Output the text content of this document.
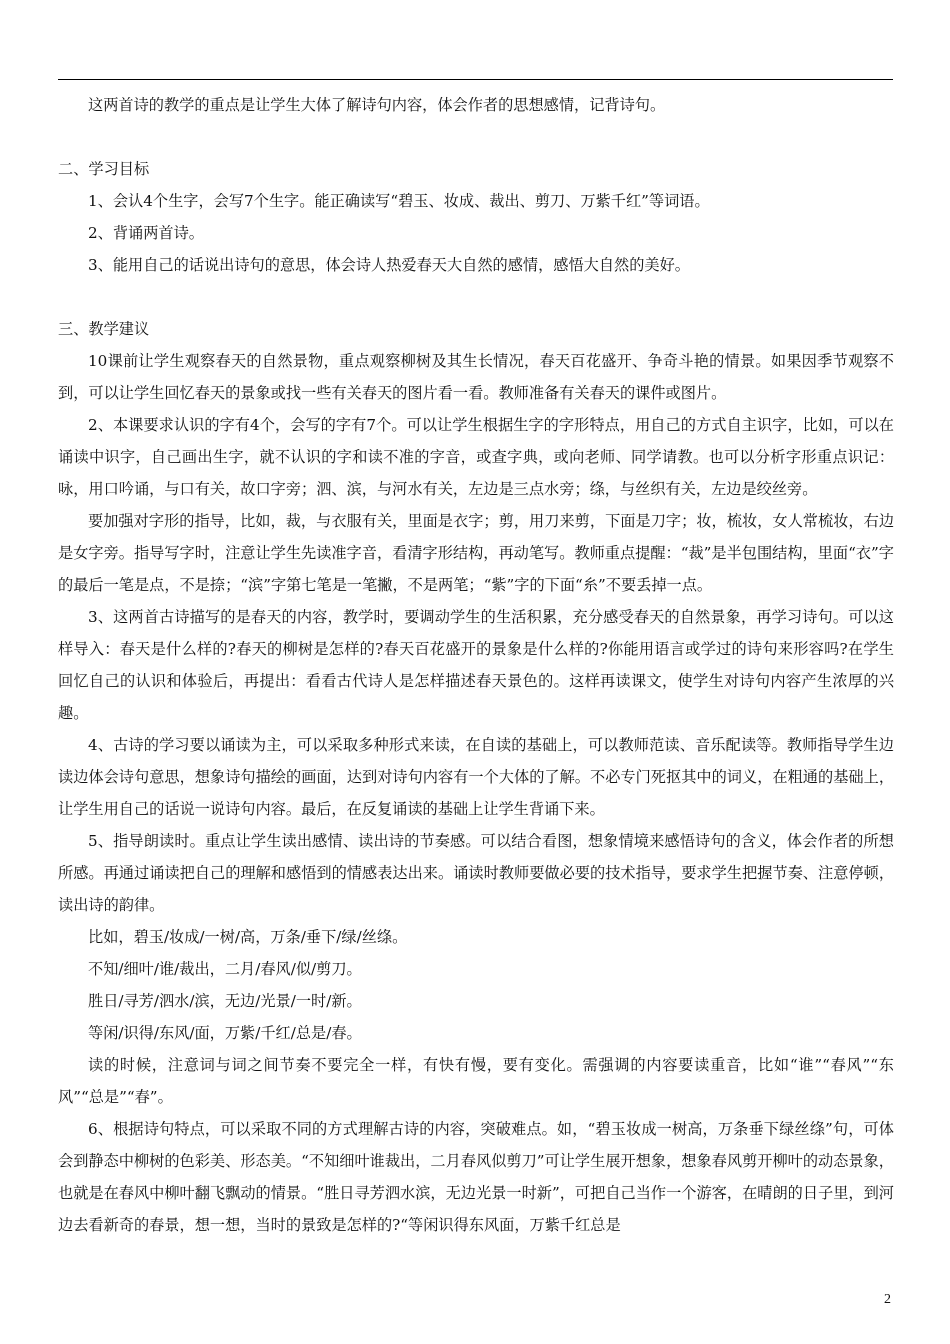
这两首诗的教学的重点是让学生大体了解诗句内容，体会作者的思想感情，记背诗句。

二、学习目标

1、会认4个生字，会写7个生字。能正确读写“碧玉、妆成、裁出、剪刀、万紫千红”等词语。

2、背诵两首诗。

3、能用自己的话说出诗句的意思，体会诗人热爱春天大自然的感情，感悟大自然的美好。

三、教学建议

10课前让学生观察春天的自然景物，重点观察柳树及其生长情况，春天百花盛开、争奇斗艳的情景。如果因季节观察不到，可以让学生回忆春天的景象或找一些有关春天的图片看一看。教师准备有关春天的课件或图片。

2、本课要求认识的字有4个，会写的字有7个。可以让学生根据生字的字形特点，用自己的方式自主识字，比如，可以在诵读中识字，自己画出生字，就不认识的字和读不准的字音，或查字典，或向老师、同学请教。也可以分析字形重点识记：咏，用口吟诵，与口有关，故口字旁；泗、滨，与河水有关，左边是三点水旁；绦，与丝织有关，左边是绞丝旁。

要加强对字形的指导，比如，裁，与衣服有关，里面是衣字；剪，用刀来剪，下面是刀字；妆，梳妆，女人常梳妆，右边是女字旁。指导写字时，注意让学生先读准字音，看清字形结构，再动笔写。教师重点提醒：“裁”是半包围结构，里面“衣”字的最后一笔是点，不是捺；“滨”字第七笔是一笔撇，不是两笔；“紫”字的下面“糸”不要丢掉一点。

3、这两首古诗描写的是春天的内容，教学时，要调动学生的生活积累，充分感受春天的自然景象，再学习诗句。可以这样导入：春天是什么样的?春天的柳树是怎样的?春天百花盛开的景象是什么样的?你能用语言或学过的诗句来形容吗?在学生回忆自己的认识和体验后，再提出：看看古代诗人是怎样描述春天景色的。这样再读课文，使学生对诗句内容产生浓厚的兴趣。

4、古诗的学习要以诵读为主，可以采取多种形式来读，在自读的基础上，可以教师范读、音乐配读等。教师指导学生边读边体会诗句意思，想象诗句描绘的画面，达到对诗句内容有一个大体的了解。不必专门死抠其中的词义，在粗通的基础上，让学生用自己的话说一说诗句内容。最后，在反复诵读的基础上让学生背诵下来。

5、指导朗读时。重点让学生读出感情、读出诗的节奏感。可以结合看图，想象情境来感悟诗句的含义，体会作者的所想所感。再通过诵读把自己的理解和感悟到的情感表达出来。诵读时教师要做必要的技术指导，要求学生把握节奏、注意停顿，读出诗的韵律。

比如，碧玉/妆成/一树/高，万条/垂下/绿/丝绦。

不知/细叶/谁/裁出，二月/春风/似/剪刀。

胜日/寻芳/泗水/滨，无边/光景/一时/新。

等闲/识得/东风/面，万紫/千红/总是/春。

读的时候，注意词与词之间节奏不要完全一样，有快有慢，要有变化。需强调的内容要读重音，比如“谁”“春风”“东风”“总是”“春”。

6、根据诗句特点，可以采取不同的方式理解古诗的内容，突破难点。如，“碧玉妆成一树高，万条垂下绿丝绦”句，可体会到静态中柳树的色彩美、形态美。“不知细叶谁裁出，二月春风似剪刀”可让学生展开想象，想象春风剪开柳叶的动态景象，也就是在春风中柳叶翻飞飘动的情景。“胜日寻芳泗水滨，无边光景一时新”，可把自己当作一个游客，在晴朗的日子里，到河边去看新奇的春景，想一想，当时的景致是怎样的?“等闲识得东风面，万紫千红总是

2
